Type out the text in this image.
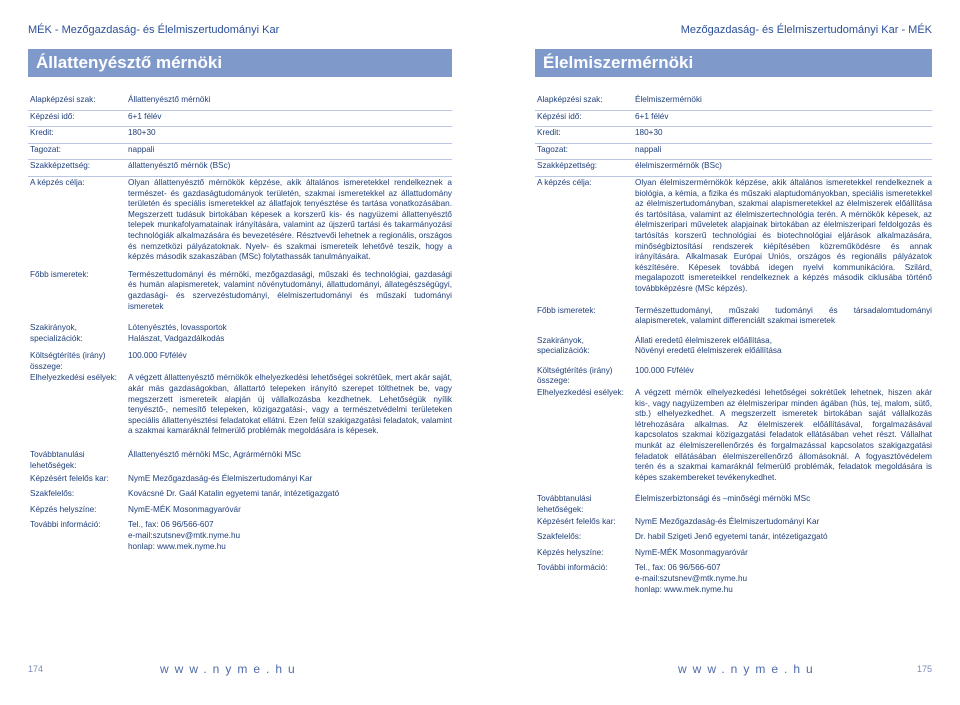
MÉK - Mezőgazdaság- és Élelmiszertudományi Kar
Állattenyésztő mérnöki
Alapképzési szak:	Állattenyésztő mérnöki
Képzési idő:	6+1 félév
Kredit:	180+30
Tagozat:	nappali
Szakképzettség:	állattenyésztő mérnök (BSc)
A képzés célja:	Olyan állattenyésztő mérnökök képzése, akik általános ismeretekkel rendelkeznek a természet- és gazdaságtudományok területén, szakmai ismeretekkel az állattudomány területén és speciális ismeretekkel az állatfajok tenyésztése és tartása vonatkozásában. Megszerzett tudásuk birtokában képesek a korszerű kis- és nagyüzemi állattenyésztő telepek munkafolyamatainak irányítására, valamint az újszerű tartási és takarmányozási technológiák alkalmazására és bevezetésére. Résztvevői lehetnek a regionális, országos és nemzetközi pályázatoknak. Nyelv- és szakmai ismereteik lehetővé teszik, hogy a képzés második szakaszában (MSc) folytathassák tanulmányaikat.
Főbb ismeretek:	Természettudományi és mérnöki, mezőgazdasági, műszaki és technológiai, gazdasági és humán alapismeretek, valamint növénytudományi, állattudományi, állategészségügyi, gazdasági- és szervezéstudományi, élelmiszertudományi és műszaki tudományi ismeretek
Szakirányok, specializációk:
Lótenyésztés, lovassportok
Halászat, Vadgazdálkodás
Költségtérítés (irány) összege:
100.000 Ft/félév
Elhelyezkedési esélyek:	A végzett állattenyésztő mérnökök elhelyezkedési lehetőségei sokrétűek, mert akár saját, akár más gazdaságokban, állattartó telepeken irányító szerepet tölthetnek be, vagy megszerzett ismereteik alapján új vállalkozásba kezdhetnek. Lehetőségük nyílik tenyésztő-, nemesítő telepeken, közigazgatási-, vagy a természetvédelmi területeken speciális állattenyésztési feladatokat ellátni. Ezen felül szakigazgatási feladatok, valamint a szakmai kamaráknál felmerülő problémák megoldására is képesek.
Továbbtanulási lehetőségek:
Állattenyésztő mérnöki MSc, Agrármérnöki MSc
Képzésért felelős kar:	NymE Mezőgazdaság-és Élelmiszertudományi Kar
Szakfelelős:	Kovácsné Dr. Gaál Katalin egyetemi tanár, intézetigazgató
Képzés helyszíne:	NymE-MÉK Mosonmagyaróvár
További információ:	Tel., fax: 06 96/566-607
e-mail:szutsnev@mtk.nyme.hu
honlap: www.mek.nyme.hu
174	www.nyme.hu
Mezőgazdaság- és Élelmiszertudományi Kar - MÉK
Élelmiszermérnöki
Alapképzési szak:	Élelmiszermérnöki
Képzési idő:	6+1 félév
Kredit:	180+30
Tagozat:	nappali
Szakképzettség:	élelmiszermérnök (BSc)
A képzés célja:	Olyan élelmiszermérnökök képzése, akik általános ismeretekkel rendelkeznek a biológia, a kémia, a fizika és műszaki alaptudományokban, speciális ismeretekkel az élelmiszertudományban, szakmai alapismeretekkel az élelmiszerek előállítása és tartósítása, valamint az élelmiszertechnológia terén. A mérnökök képesek, az élelmiszeripari műveletek alapjainak birtokában az élelmiszeripari feldolgozás és tartósítás korszerű technológiai és biotechnológiai eljárások alkalmazására, minőségbiztosítási rendszerek kiépítésében közreműködésre és annak irányítására. Alkalmasak Európai Uniós, országos és regionális pályázatok készítésére. Képesek továbbá idegen nyelvi kommunikációra. Szilárd, megalapozott ismereteikkel rendelkeznek a képzés második ciklusába történő továbbképzésre (MSc képzés).
Főbb ismeretek:	Természettudományi, műszaki tudományi és társadalomtudományi alapismeretek, valamint differenciált szakmai ismeretek
Szakirányok, specializációk:
Állati eredetű élelmiszerek előállítása,
Növényi eredetű élelmiszerek előállítása
Költségtérítés (irány) összege:
100.000 Ft/félév
Elhelyezkedési esélyek:	A végzett mérnök elhelyezkedési lehetőségei sokrétűek lehetnek, hiszen akár kis-, vagy nagyüzemben az élelmiszeripar minden ágában (hús, tej, malom, sütő, stb.) elhelyezkedhet. A megszerzett ismeretek birtokában saját vállalkozás létrehozására alkalmas. Az élelmiszerek előállításával, forgalmazásával kapcsolatos szakmai közigazgatási feladatok ellátásában vehet részt. Vállalhat munkát az élelmiszerellenőrzés és forgalmazással kapcsolatos szakigazgatási feladatok ellátásában élelmiszerellenőrző állomásoknál. A fogyasztóvédelem terén és a szakmai kamaráknál felmerülő problémák, feladatok megoldására is képes szakembereket tevékenykedhet.
Továbbtanulási lehetőségek:
Élelmiszerbiztonsági és –minőségi mérnöki MSc
Képzésért felelős kar:	NymE Mezőgazdaság-és Élelmiszertudományi Kar
Szakfelelős:	Dr. habil Szigeti Jenő egyetemi tanár, intézetigazgató
Képzés helyszíne:	NymE-MÉK Mosonmagyaróvár
További információ:	Tel., fax: 06 96/566-607
e-mail:szutsnev@mtk.nyme.hu
honlap: www.mek.nyme.hu
175
www.nyme.hu
